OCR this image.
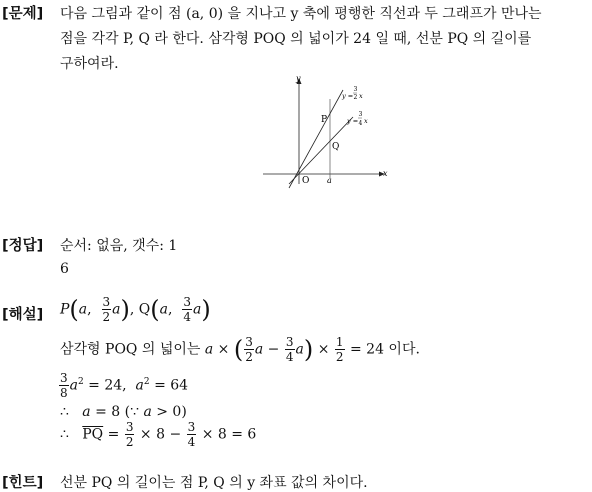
[문제] 다음 그림과 같이 점 (a, 0) 을 지나고 y 축에 평행한 직선과 두 그래프가 만나는
점을 각각 P, Q 라 한다. 삼각형 POQ 의 넓이가 24 일 때, 선분 PQ 의 길이를
구하여라.
y
x
O a
P
Q
y =
3
2 x
y =
3
4 x
[정답] 순서: 없음, 갯수: 1
6
[해설] P(a, $\frac{3}{2} a$), Q(a, $\frac{3}{4} a$)
삼각형 POQ 의 넓이는 a × ( $\frac{3}{2}$ $a - \frac{3}{4} a) \times \frac{1}{2} = 24$ 이다.
$\frac{3}{8} a^2 = 24$,  $a^2 = 64$
∴   a = 8 (∵ a > 0)
∴   $\overline{PQ} = \frac{3}{2} \times 8 - \frac{3}{4} \times 8 = 6$
[힌트] 선분 PQ 의 길이는 점 P, Q 의 y 좌표 값의 차이다.
